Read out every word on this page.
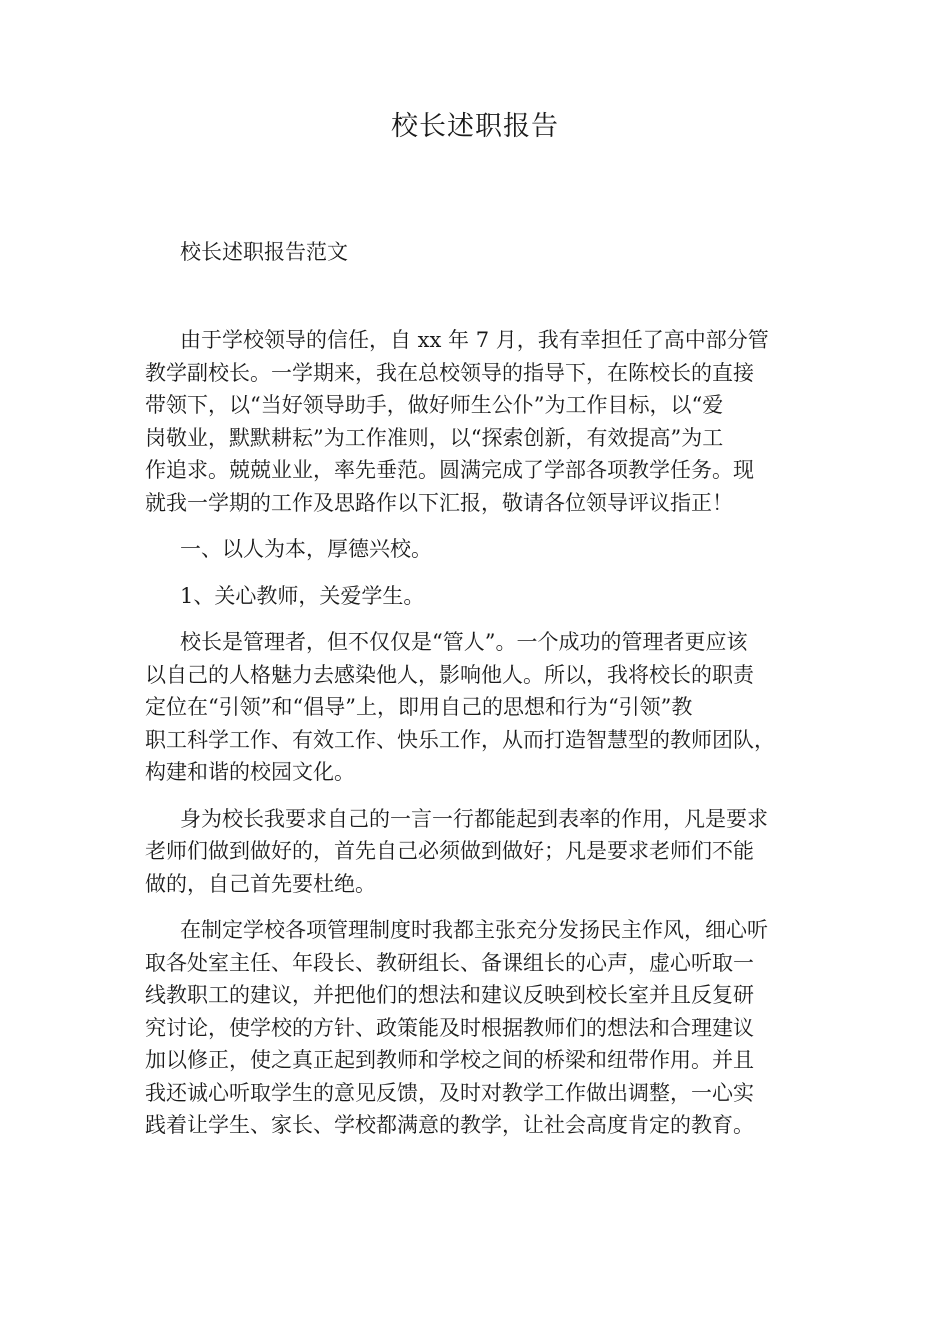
校长述职报告

校长述职报告范文

由于学校领导的信任，自 xx 年 7 月，我有幸担任了高中部分管
教学副校长。一学期来，我在总校领导的指导下，在陈校长的直接
带领下，以“当好领导助手，做好师生公仆”为工作目标，以“爱
岗敬业，默默耕耘”为工作准则，以“探索创新，有效提高”为工
作追求。兢兢业业，率先垂范。圆满完成了学部各项教学任务。现
就我一学期的工作及思路作以下汇报，敬请各位领导评议指正！

一、以人为本，厚德兴校。

1、关心教师，关爱学生。

校长是管理者，但不仅仅是“管人”。一个成功的管理者更应该
以自己的人格魅力去感染他人，影响他人。所以，我将校长的职责
定位在“引领”和“倡导”上，即用自己的思想和行为“引领”教
职工科学工作、有效工作、快乐工作，从而打造智慧型的教师团队，
构建和谐的校园文化。
身为校长我要求自己的一言一行都能起到表率的作用，凡是要求
老师们做到做好的，首先自己必须做到做好；凡是要求老师们不能
做的，自己首先要杜绝。
在制定学校各项管理制度时我都主张充分发扬民主作风，细心听
取各处室主任、年段长、教研组长、备课组长的心声，虚心听取一
线教职工的建议，并把他们的想法和建议反映到校长室并且反复研
究讨论，使学校的方针、政策能及时根据教师们的想法和合理建议
加以修正，使之真正起到教师和学校之间的桥梁和纽带作用。并且
我还诚心听取学生的意见反馈，及时对教学工作做出调整，一心实
践着让学生、家长、学校都满意的教学，让社会高度肯定的教育。
